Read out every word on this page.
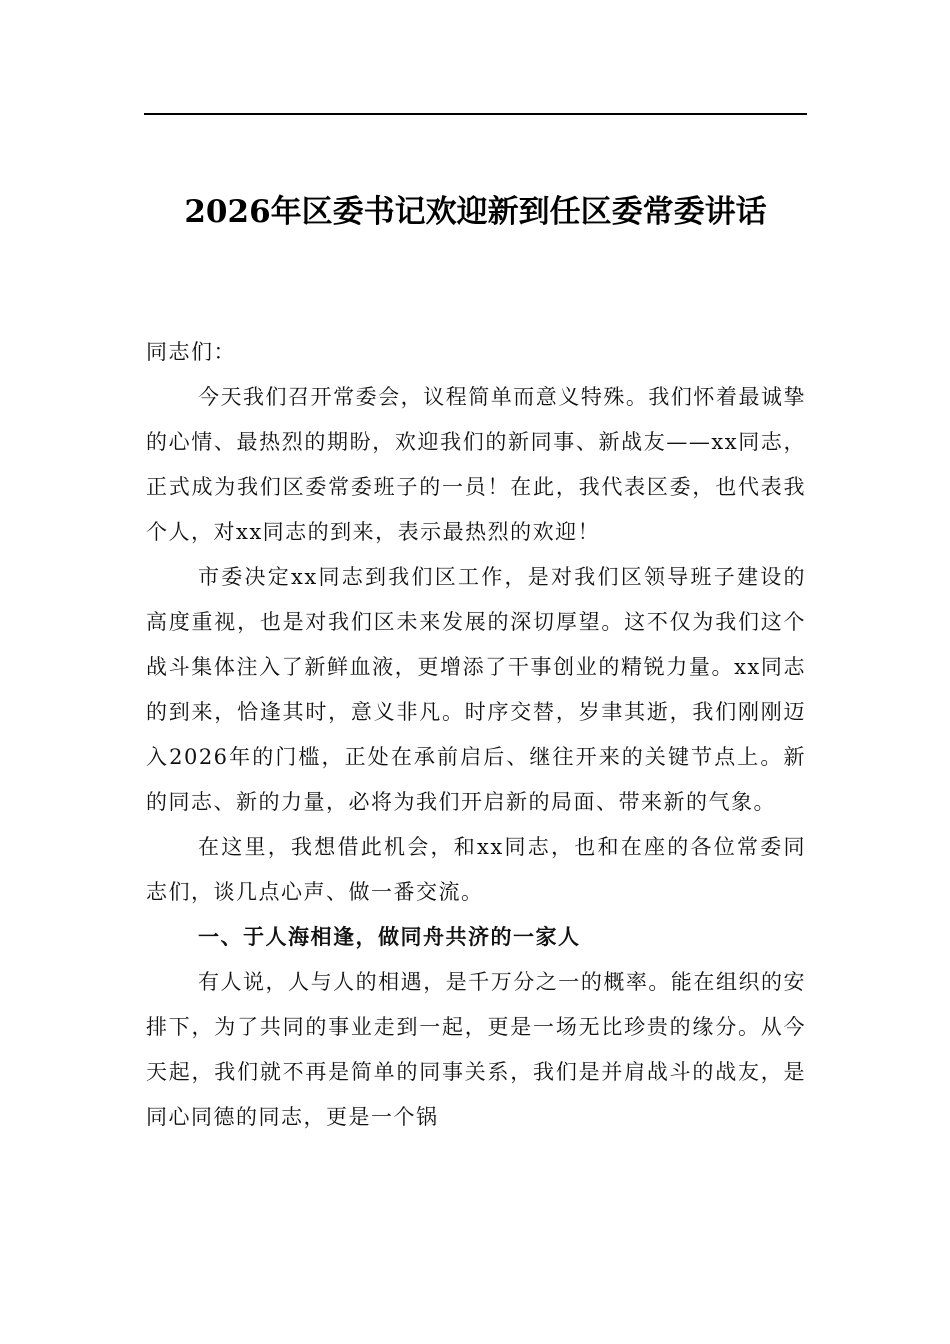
2026年区委书记欢迎新到任区委常委讲话

同志们：

今天我们召开常委会，议程简单而意义特殊。我们怀着最诚挚的心情、最热烈的期盼，欢迎我们的新同事、新战友——xx同志，正式成为我们区委常委班子的一员！在此，我代表区委，也代表我个人，对xx同志的到来，表示最热烈的欢迎！

市委决定xx同志到我们区工作，是对我们区领导班子建设的高度重视，也是对我们区未来发展的深切厚望。这不仅为我们这个战斗集体注入了新鲜血液，更增添了干事创业的精锐力量。xx同志的到来，恰逢其时，意义非凡。时序交替，岁聿其逝，我们刚刚迈入2026年的门槛，正处在承前启后、继往开来的关键节点上。新的同志、新的力量，必将为我们开启新的局面、带来新的气象。

在这里，我想借此机会，和xx同志，也和在座的各位常委同志们，谈几点心声、做一番交流。

一、于人海相逢，做同舟共济的一家人

有人说，人与人的相遇，是千万分之一的概率。能在组织的安排下，为了共同的事业走到一起，更是一场无比珍贵的缘分。从今天起，我们就不再是简单的同事关系，我们是并肩战斗的战友，是同心同德的同志，更是一个锅
